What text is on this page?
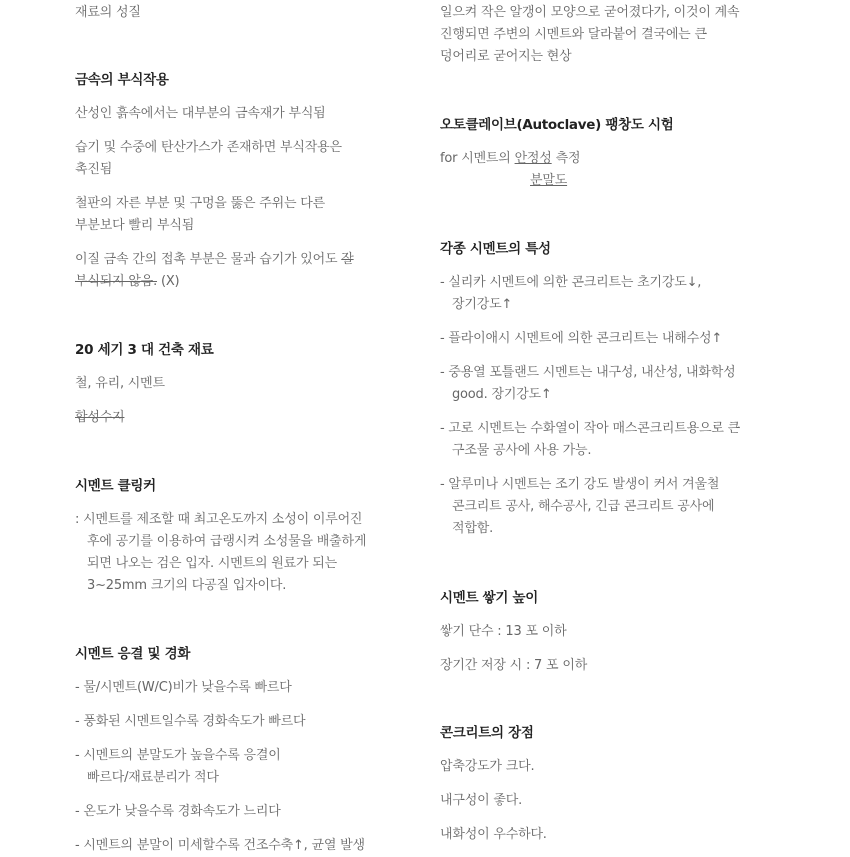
재료의 성질
금속의 부식작용
산성인 흙속에서는 대부분의 금속재가 부식됨
습기 및 수중에 탄산가스가 존재하면 부식작용은
촉진됨
철판의 자른 부분 및 구멍을 뚫은 주위는 다른
부분보다 빨리 부식됨
이질 금속 간의 접촉 부분은 물과 습기가 있어도 잘
부식되지 않음. (X)
20 세기 3 대 건축 재료
철, 유리, 시멘트
합성수지
시멘트 클링커
: 시멘트를 제조할 때 최고온도까지 소성이 이루어진
후에 공기를 이용하여 급랭시켜 소성물을 배출하게
되면 나오는 검은 입자. 시멘트의 원료가 되는
3~25mm 크기의 다공질 입자이다.
시멘트 응결 및 경화
- 물/시멘트(W/C)비가 낮을수록 빠르다
- 풍화된 시멘트일수록 경화속도가 빠르다
- 시멘트의 분말도가 높을수록 응결이
빠르다/재료분리가 적다
- 온도가 낮을수록 경화속도가 느리다
- 시멘트의 분말이 미세할수록 건조수축↑, 균열 발생
일으켜 작은 알갱이 모양으로 굳어졌다가, 이것이 계속
진행되면 주변의 시멘트와 달라붙어 결국에는 큰
덩어리로 굳어지는 현상
오토클레이브(Autoclave) 팽창도 시험
for 시멘트의 안정성 측정
분말도
각종 시멘트의 특성
- 실리카 시멘트에 의한 콘크리트는 초기강도↓,
장기강도↑
- 플라이애시 시멘트에 의한 콘크리트는 내해수성↑
- 중용열 포틀랜드 시멘트는 내구성, 내산성, 내화학성
good. 장기강도↑
- 고로 시멘트는 수화열이 작아 매스콘크리트용으로 큰
구조물 공사에 사용 가능.
- 알루미나 시멘트는 조기 강도 발생이 커서 겨울철
콘크리트 공사, 해수공사, 긴급 콘크리트 공사에
적합함.
시멘트 쌓기 높이
쌓기 단수 : 13 포 이하
장기간 저장 시 : 7 포 이하
콘크리트의 장점
압축강도가 크다.
내구성이 좋다.
내화성이 우수하다.
